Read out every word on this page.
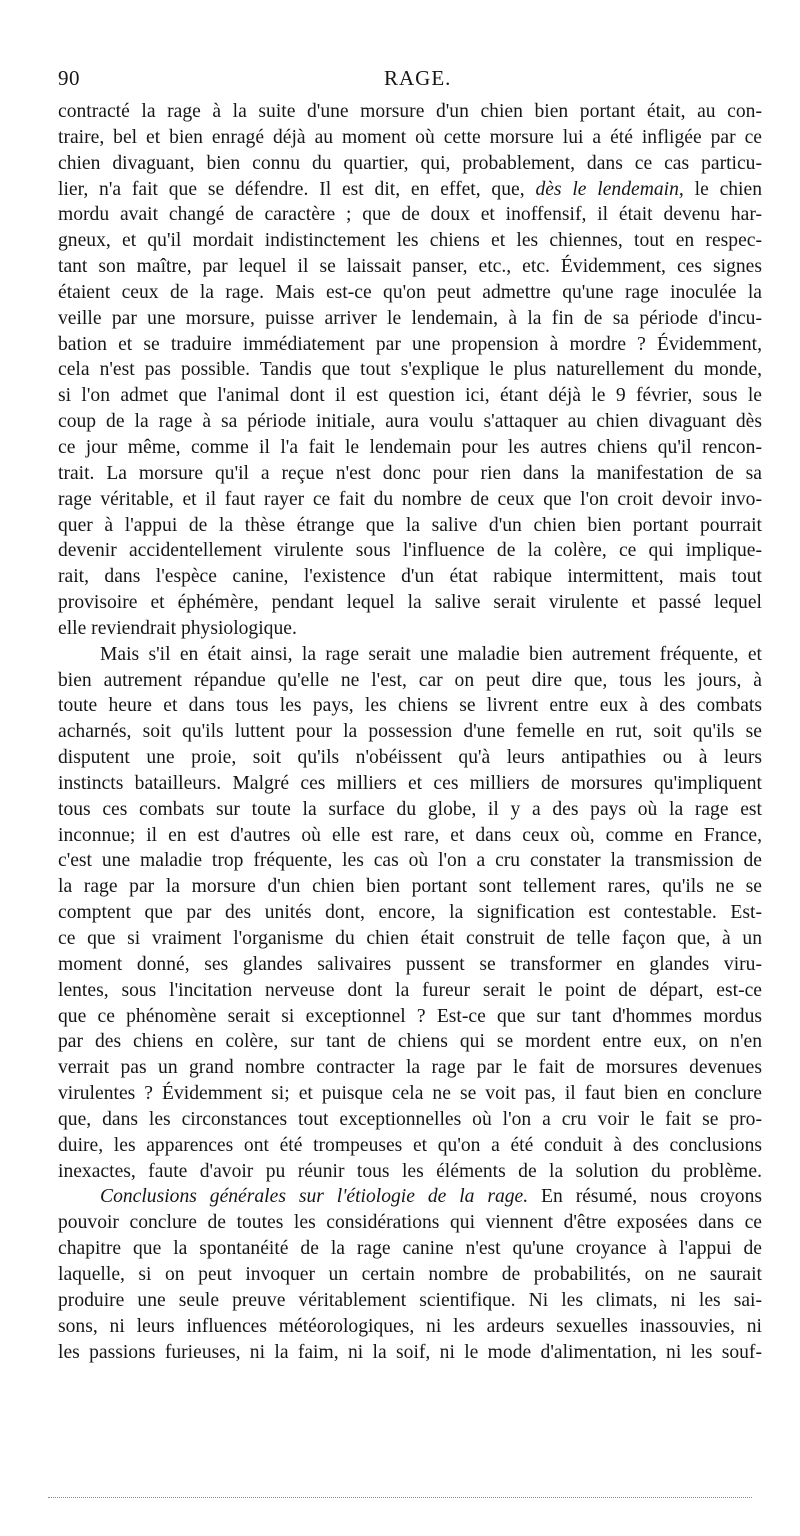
90	RAGE.
contracté la rage à la suite d'une morsure d'un chien bien portant était, au con-
traire, bel et bien enragé déjà au moment où cette morsure lui a été infligée par ce
chien divaguant, bien connu du quartier, qui, probablement, dans ce cas particu-
lier, n'a fait que se défendre. Il est dit, en effet, que, dès le lendemain, le chien
mordu avait changé de caractère ; que de doux et inoffensif, il était devenu har-
gneux, et qu'il mordait indistinctement les chiens et les chiennes, tout en respec-
tant son maître, par lequel il se laissait panser, etc., etc. Évidemment, ces signes
étaient ceux de la rage. Mais est-ce qu'on peut admettre qu'une rage inoculée la
veille par une morsure, puisse arriver le lendemain, à la fin de sa période d'incu-
bation et se traduire immédiatement par une propension à mordre ? Évidemment,
cela n'est pas possible. Tandis que tout s'explique le plus naturellement du monde,
si l'on admet que l'animal dont il est question ici, étant déjà le 9 février, sous le
coup de la rage à sa période initiale, aura voulu s'attaquer au chien divaguant dès
ce jour même, comme il l'a fait le lendemain pour les autres chiens qu'il rencon-
trait. La morsure qu'il a reçue n'est donc pour rien dans la manifestation de sa
rage véritable, et il faut rayer ce fait du nombre de ceux que l'on croit devoir invo-
quer à l'appui de la thèse étrange que la salive d'un chien bien portant pourrait
devenir accidentellement virulente sous l'influence de la colère, ce qui implique-
rait, dans l'espèce canine, l'existence d'un état rabique intermittent, mais tout
provisoire et éphémère, pendant lequel la salive serait virulente et passé lequel
elle reviendrait physiologique.
Mais s'il en était ainsi, la rage serait une maladie bien autrement fréquente, et
bien autrement répandue qu'elle ne l'est, car on peut dire que, tous les jours, à
toute heure et dans tous les pays, les chiens se livrent entre eux à des combats
acharnés, soit qu'ils luttent pour la possession d'une femelle en rut, soit qu'ils se
disputent une proie, soit qu'ils n'obéissent qu'à leurs antipathies ou à leurs
instincts batailleurs. Malgré ces milliers et ces milliers de morsures qu'impliquent
tous ces combats sur toute la surface du globe, il y a des pays où la rage est
inconnue; il en est d'autres où elle est rare, et dans ceux où, comme en France,
c'est une maladie trop fréquente, les cas où l'on a cru constater la transmission de
la rage par la morsure d'un chien bien portant sont tellement rares, qu'ils ne se
comptent que par des unités dont, encore, la signification est contestable. Est-
ce que si vraiment l'organisme du chien était construit de telle façon que, à un
moment donné, ses glandes salivaires pussent se transformer en glandes viru-
lentes, sous l'incitation nerveuse dont la fureur serait le point de départ, est-ce
que ce phénomène serait si exceptionnel ? Est-ce que sur tant d'hommes mordus
par des chiens en colère, sur tant de chiens qui se mordent entre eux, on n'en
verrait pas un grand nombre contracter la rage par le fait de morsures devenues
virulentes ? Évidemment si; et puisque cela ne se voit pas, il faut bien en conclure
que, dans les circonstances tout exceptionnelles où l'on a cru voir le fait se pro-
duire, les apparences ont été trompeuses et qu'on a été conduit à des conclusions
inexactes, faute d'avoir pu réunir tous les éléments de la solution du problème.
Conclusions générales sur l'étiologie de la rage. En résumé, nous croyons
pouvoir conclure de toutes les considérations qui viennent d'être exposées dans ce
chapitre que la spontanéité de la rage canine n'est qu'une croyance à l'appui de
laquelle, si on peut invoquer un certain nombre de probabilités, on ne saurait
produire une seule preuve véritablement scientifique. Ni les climats, ni les sai-
sons, ni leurs influences météorologiques, ni les ardeurs sexuelles inassouvies, ni
les passions furieuses, ni la faim, ni la soif, ni le mode d'alimentation, ni les souf-
